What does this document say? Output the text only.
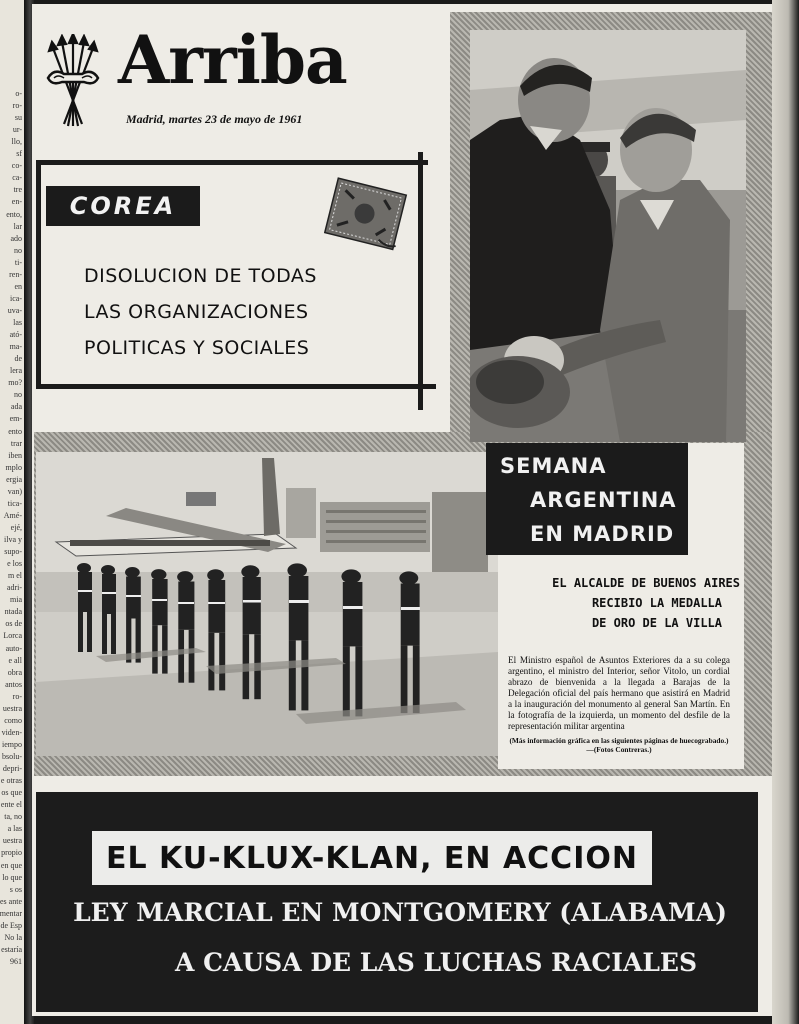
o-
ro-
su
ur-
llo,
sf
co-
ca-
tre
en-
ento,
lar
ado
no
ti-
ren-
en
ica-
uva-
las
ató-
ma-
de
lera
mo?
no
ada
em-
ento
trar
iben
mplo
ergia
van)
tica-
Amé-
ejé,
ilva y
supo-
e los
m el
adri-
mia
ntada
os de
Lorca
auto-
e all
obra
antos
ro-
uestra
como
viden-
iempo
bsolu-
depri-
e otras
os que
ente el
ta, no
a las
uestra
propio
en que
lo que
s os
es ante
mentar
de Esp
No la
estaría
961
Arriba
Madrid, martes 23 de mayo de 1961
COREA
DISOLUCION DE TODAS
LAS ORGANIZACIONES
POLITICAS Y SOCIALES
SEMANA
ARGENTINA
EN MADRID
EL ALCALDE DE BUENOS AIRES
RECIBIO LA MEDALLA
DE ORO DE LA VILLA
El Ministro español de Asuntos Exteriores da a su colega argentino, el ministro del Interior, señor Vitolo, un cordial abrazo de bienvenida a la llegada a Barajas de la Delegación oficial del país hermano que asistirá en Madrid a la inauguración del monumento al general San Martín. En la fotografía de la izquierda, un momento del desfile de la representación militar argentina
(Más información gráfica en las siguientes páginas de huecograbado.)—(Fotos Contreras.)
EL KU-KLUX-KLAN, EN ACCION
LEY MARCIAL EN MONTGOMERY (ALABAMA)
A CAUSA DE LAS LUCHAS RACIALES
